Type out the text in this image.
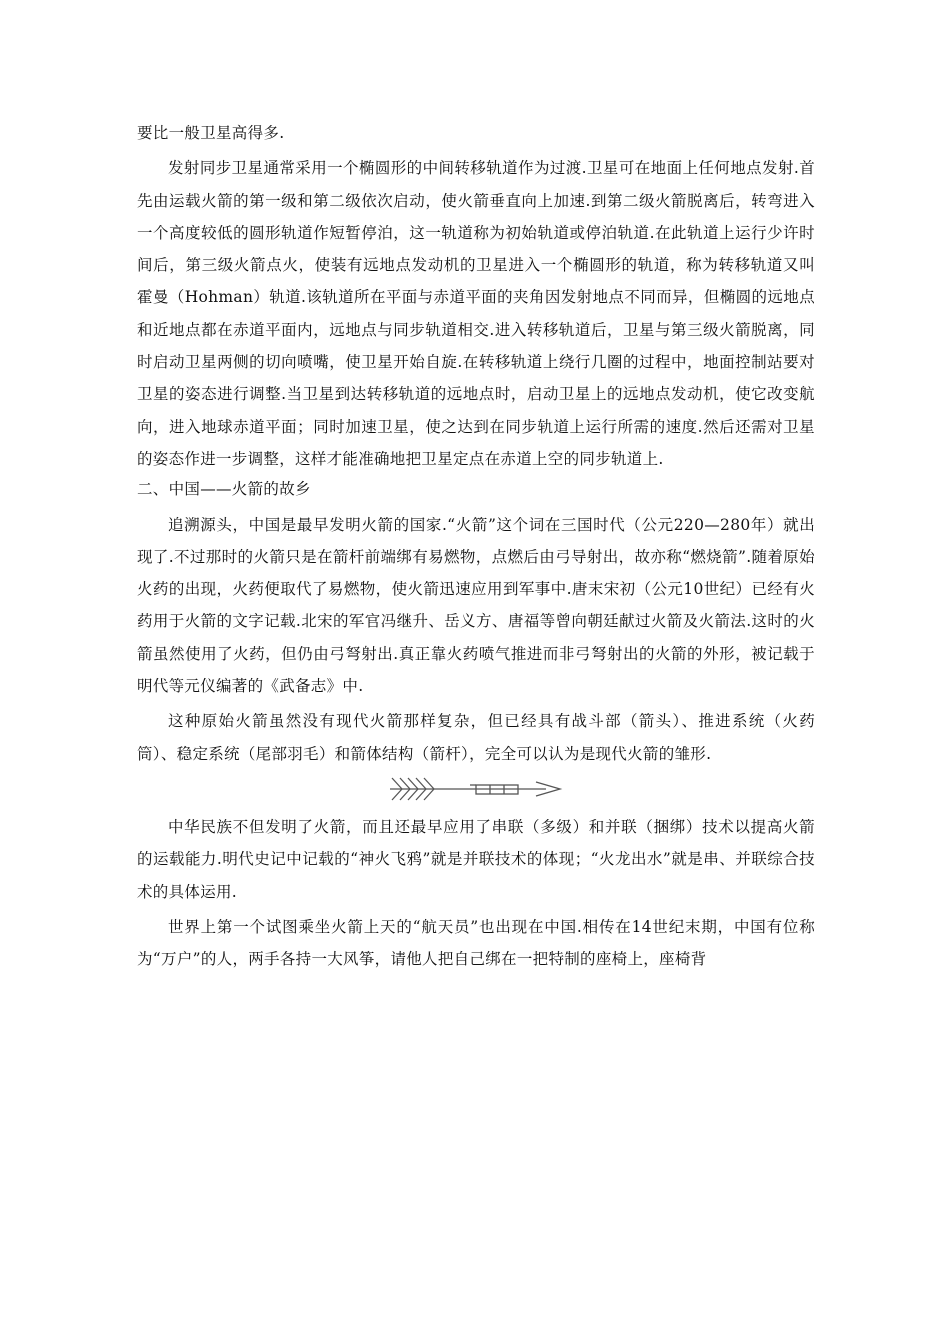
要比一般卫星高得多.

发射同步卫星通常采用一个椭圆形的中间转移轨道作为过渡.卫星可在地面上任何地点发射.首先由运载火箭的第一级和第二级依次启动，使火箭垂直向上加速.到第二级火箭脱离后，转弯进入一个高度较低的圆形轨道作短暂停泊，这一轨道称为初始轨道或停泊轨道.在此轨道上运行少许时间后，第三级火箭点火，使装有远地点发动机的卫星进入一个椭圆形的轨道，称为转移轨道又叫霍曼（Hohman）轨道.该轨道所在平面与赤道平面的夹角因发射地点不同而异，但椭圆的远地点和近地点都在赤道平面内，远地点与同步轨道相交.进入转移轨道后，卫星与第三级火箭脱离，同时启动卫星两侧的切向喷嘴，使卫星开始自旋.在转移轨道上绕行几圈的过程中，地面控制站要对卫星的姿态进行调整.当卫星到达转移轨道的远地点时，启动卫星上的远地点发动机，使它改变航向，进入地球赤道平面；同时加速卫星，使之达到在同步轨道上运行所需的速度.然后还需对卫星的姿态作进一步调整，这样才能准确地把卫星定点在赤道上空的同步轨道上.

二、中国——火箭的故乡

追溯源头，中国是最早发明火箭的国家.“火箭”这个词在三国时代（公元220—280年）就出现了.不过那时的火箭只是在箭杆前端绑有易燃物，点燃后由弓导射出，故亦称“燃烧箭”.随着原始火药的出现，火药便取代了易燃物，使火箭迅速应用到军事中.唐末宋初（公元10世纪）已经有火药用于火箭的文字记载.北宋的军官冯继升、岳义方、唐福等曾向朝廷献过火箭及火箭法.这时的火箭虽然使用了火药，但仍由弓弩射出.真正靠火药喷气推进而非弓弩射出的火箭的外形，被记载于明代等元仪编著的《武备志》中.

这种原始火箭虽然没有现代火箭那样复杂，但已经具有战斗部（箭头）、推进系统（火药筒）、稳定系统（尾部羽毛）和箭体结构（箭杆），完全可以认为是现代火箭的雏形.

中华民族不但发明了火箭，而且还最早应用了串联（多级）和并联（捆绑）技术以提高火箭的运载能力.明代史记中记载的“神火飞鸦”就是并联技术的体现；“火龙出水”就是串、并联综合技术的具体运用.

世界上第一个试图乘坐火箭上天的“航天员”也出现在中国.相传在14世纪末期，中国有位称为“万户”的人，两手各持一大风筝，请他人把自己绑在一把特制的座椅上，座椅背
